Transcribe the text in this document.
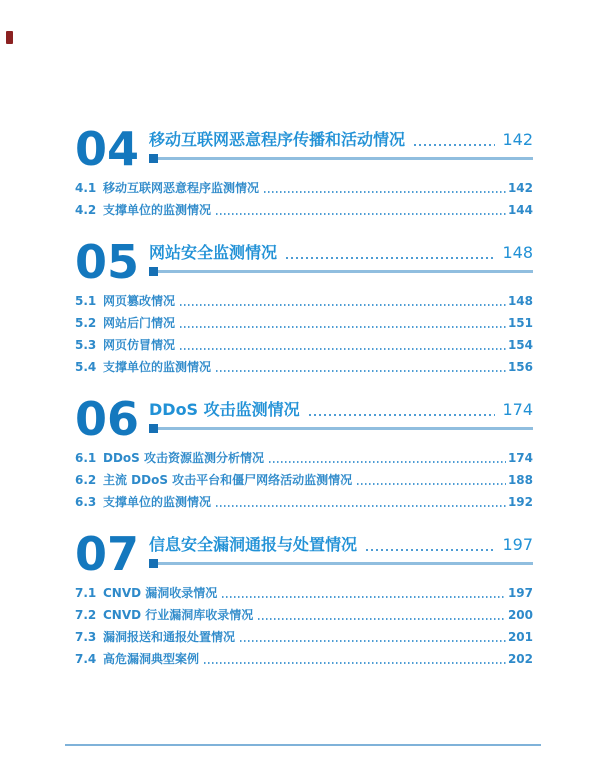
04 移动互联网恶意程序传播和活动情况	142
4.1 移动互联网恶意程序监测情况	142
4.2 支撑单位的监测情况	144
05 网站安全监测情况	148
5.1 网页篡改情况	148
5.2 网站后门情况	151
5.3 网页仿冒情况	154
5.4 支撑单位的监测情况	156
06 DDoS 攻击监测情况	174
6.1 DDoS 攻击资源监测分析情况	174
6.2 主流 DDoS 攻击平台和僵尸网络活动监测情况	188
6.3 支撑单位的监测情况	192
07 信息安全漏洞通报与处置情况	197
7.1 CNVD 漏洞收录情况	197
7.2 CNVD 行业漏洞库收录情况	200
7.3 漏洞报送和通报处置情况	201
7.4 高危漏洞典型案例	202
